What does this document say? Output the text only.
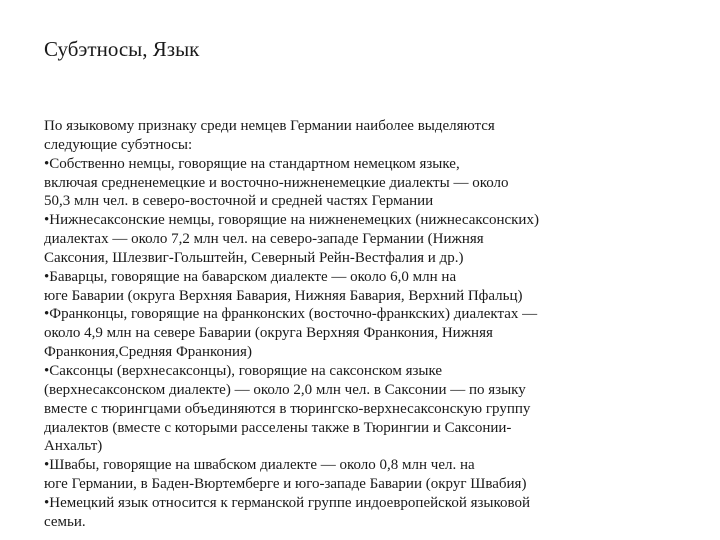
Субэтносы, Язык
По языковому признаку среди немцев Германии наиболее выделяются
следующие субэтносы:
•Собственно немцы, говорящие на стандартном немецком языке,
включая средненемецкие и восточно-нижненемецкие диалекты — около
50,3 млн чел. в северо-восточной и средней частях Германии
•Нижнесаксонские немцы, говорящие на нижненемецких (нижнесаксонских)
диалектах — около 7,2 млн чел. на северо-западе Германии (Нижняя
Саксония, Шлезвиг-Гольштейн, Северный Рейн-Вестфалия и др.)
•Баварцы, говорящие на баварском диалекте — около 6,0 млн на
юге Баварии (округа Верхняя Бавария, Нижняя Бавария, Верхний Пфальц)
•Франконцы, говорящие на франконских (восточно-франкских) диалектах —
около 4,9 млн на севере Баварии (округа Верхняя Франкония, Нижняя
Франкония,Средняя Франкония)
•Саксонцы (верхнесаксонцы), говорящие на саксонском языке
(верхнесаксонском диалекте) — около 2,0 млн чел. в Саксонии — по языку
вместе с тюрингцами объединяются в тюрингско-верхнесаксонскую группу
диалектов (вместе с которыми расселены также в Тюрингии и Саксонии-
Анхальт)
•Швабы, говорящие на швабском диалекте — около 0,8 млн чел. на
юге Германии, в Баден-Вюртемберге и юго-западе Баварии (округ Швабия)
•Немецкий язык относится к германской группе индоевропейской языковой
семьи.
